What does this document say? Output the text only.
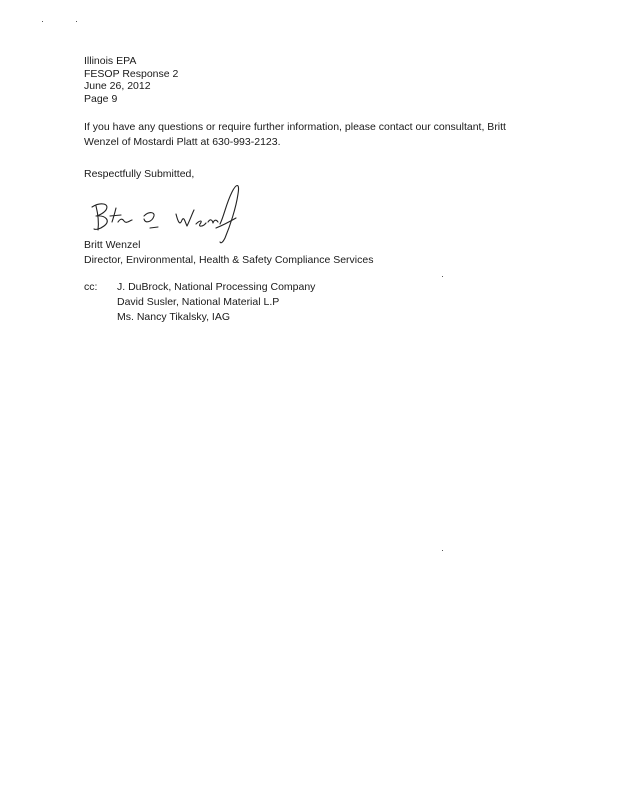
Illinois EPA
FESOP Response 2
June 26, 2012
Page 9
If you have any questions or require further information, please contact our consultant, Britt Wenzel of Mostardi Platt at 630-993-2123.
Respectfully Submitted,
Britt Wenzel
Director, Environmental, Health & Safety Compliance Services
cc: J. DuBrock, National Processing Company
David Susler, National Material L.P
Ms. Nancy Tikalsky, IAG
